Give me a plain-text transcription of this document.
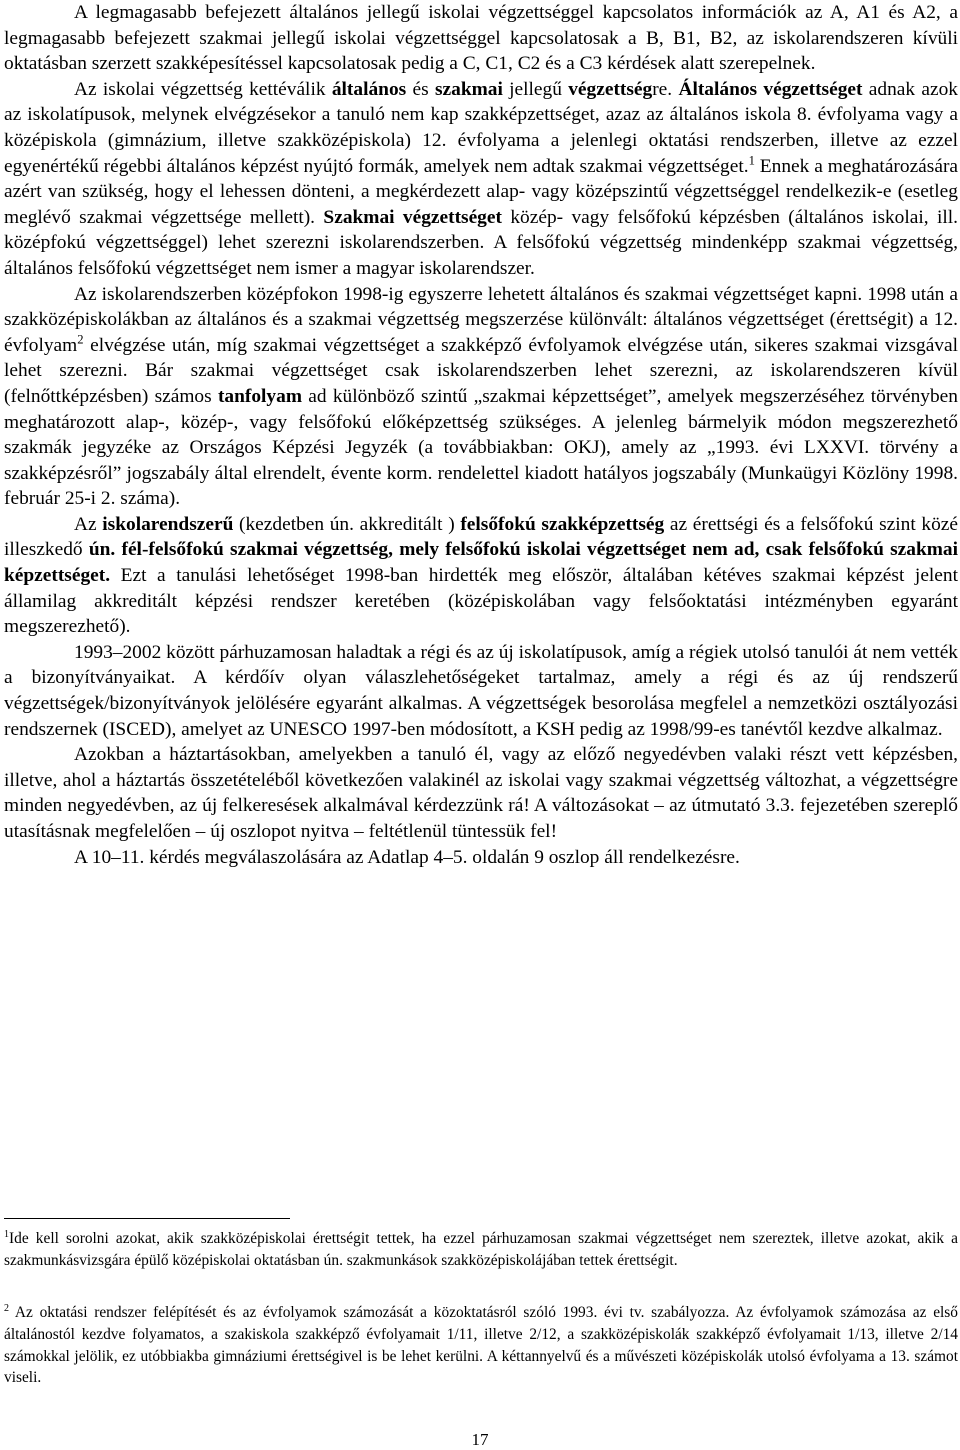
A legmagasabb befejezett általános jellegű iskolai végzettséggel kapcsolatos információk az A, A1 és A2, a legmagasabb befejezett szakmai jellegű iskolai végzettséggel kapcsolatosak a B, B1, B2, az iskolarendszeren kívüli oktatásban szerzett szakképesítéssel kapcsolatosak pedig a C, C1, C2 és a C3 kérdések alatt szerepelnek.

Az iskolai végzettség kettéválik általános és szakmai jellegű végzettségre. Általános végzettséget adnak azok az iskolatípusok, melynek elvégzésekor a tanuló nem kap szakképzettséget, azaz az általános iskola 8. évfolyama vagy a középiskola (gimnázium, illetve szakközépiskola) 12. évfolyama a jelenlegi oktatási rendszerben, illetve az ezzel egyenértékű régebbi általános képzést nyújtó formák, amelyek nem adtak szakmai végzettséget.$^1$ Ennek a meghatározására azért van szükség, hogy el lehessen dönteni, a megkérdezett alap- vagy középszintű végzettséggel rendelkezik-e (esetleg meglévő szakmai végzettsége mellett). Szakmai végzettséget közép- vagy felsőfokú képzésben (általános iskolai, ill. középfokú végzettséggel) lehet szerezni iskolarendszerben. A felsőfokú végzettség mindenképp szakmai végzettség, általános felsőfokú végzettséget nem ismer a magyar iskolarendszer.

Az iskolarendszerben középfokon 1998-ig egyszerre lehetett általános és szakmai végzettséget kapni. 1998 után a szakközépiskolákban az általános és a szakmai végzettség megszerzése különvált: általános végzettséget (érettségit) a 12. évfolyam$^2$ elvégzése után, míg szakmai végzettséget a szakképző évfolyamok elvégzése után, sikeres szakmai vizsgával lehet szerezni. Bár szakmai végzettséget csak iskolarendszerben lehet szerezni, az iskolarendszeren kívül (felnőttképzésben) számos tanfolyam ad különböző szintű „szakmai képzettséget”, amelyek megszerzéséhez törvényben meghatározott alap-, közép-, vagy felsőfokú előképzettség szükséges. A jelenleg bármelyik módon megszerezhető szakmák jegyzéke az Országos Képzési Jegyzék (a továbbiakban: OKJ), amely az „1993. évi LXXVI. törvény a szakképzésről” jogszabály által elrendelt, évente korm. rendelettel kiadott hatályos jogszabály (Munkaügyi Közlöny 1998. február 25-i 2. száma).

Az iskolarendszerű (kezdetben ún. akkreditált ) felsőfokú szakképzettség az érettségi és a felsőfokú szint közé illeszkedő ún. fél-felsőfokú szakmai végzettség, mely felsőfokú iskolai végzettséget nem ad, csak felsőfokú szakmai képzettséget. Ezt a tanulási lehetőséget 1998-ban hirdették meg először, általában kétéves szakmai képzést jelent államilag akkreditált képzési rendszer keretében (középiskolában vagy felsőoktatási intézményben egyaránt megszerezhető).

1993–2002 között párhuzamosan haladtak a régi és az új iskolatípusok, amíg a régiek utolsó tanulói át nem vették a bizonyítványaikat. A kérdőív olyan válaszlehetőségeket tartalmaz, amely a régi és az új rendszerű végzettségek/bizonyítványok jelölésére egyaránt alkalmas. A végzettségek besorolása megfelel a nemzetközi osztályozási rendszernek (ISCED), amelyet az UNESCO 1997-ben módosított, a KSH pedig az 1998/99-es tanévtől kezdve alkalmaz.

Azokban a háztartásokban, amelyekben a tanuló él, vagy az előző negyedévben valaki részt vett képzésben, illetve, ahol a háztartás összetételéből következően valakinél az iskolai vagy szakmai végzettség változhat, a végzettségre minden negyedévben, az új felkeresések alkalmával kérdezzünk rá! A változásokat – az útmutató 3.3. fejezetében szereplő utasításnak megfelelően – új oszlopot nyitva – feltétlenül tüntessük fel!

A 10–11. kérdés megválaszolására az Adatlap 4–5. oldalán 9 oszlop áll rendelkezésre.

$^1$Ide kell sorolni azokat, akik szakközépiskolai érettségit tettek, ha ezzel párhuzamosan szakmai végzettséget nem szereztek, illetve azokat, akik a szakmunkásvizsgára épülő középiskolai oktatásban ún. szakmunkások szakközépiskolájában tettek érettségit.
$^2$ Az oktatási rendszer felépítését és az évfolyamok számozását a közoktatásról szóló 1993. évi tv. szabályozza. Az évfolyamok számozása az első általánostól kezdve folyamatos, a szakiskola szakképző évfolyamait 1/11, illetve 2/12, a szakközépiskolák szakképző évfolyamait 1/13, illetve 2/14 számokkal jelölik, ez utóbbiakba gimnáziumi érettségivel is be lehet kerülni. A kéttannyelvű és a művészeti középiskolák utolsó évfolyama a 13. számot viseli.
17
